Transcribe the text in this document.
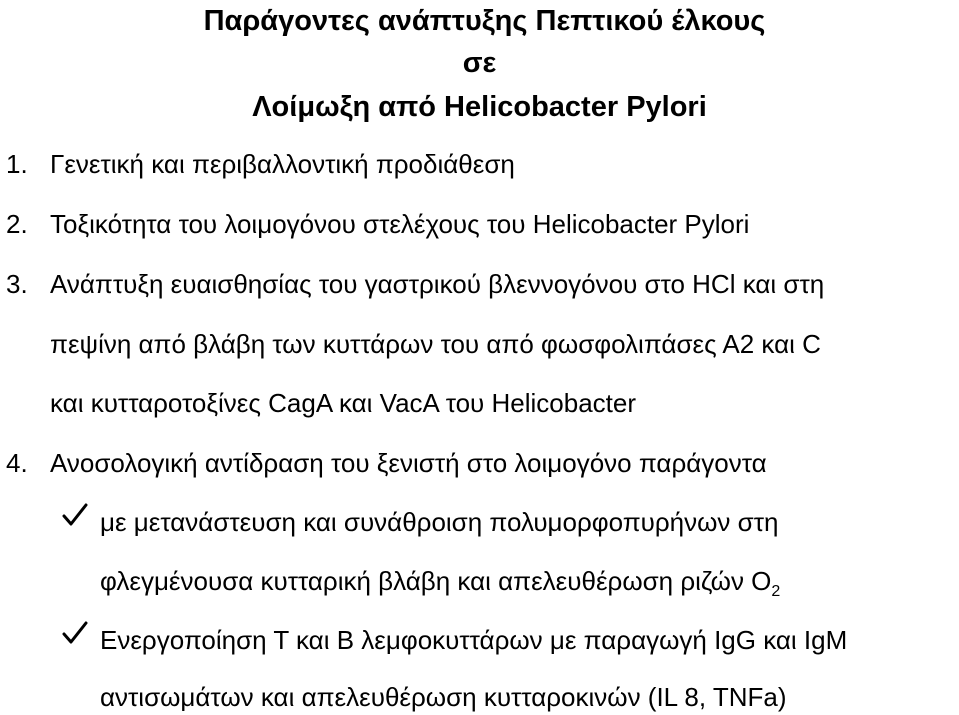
Παράγοντες ανάπτυξης Πεπτικού έλκους
σε
Λοίμωξη από Helicobacter Pylori
1. Γενετική και περιβαλλοντική προδιάθεση
2. Τοξικότητα του λοιμογόνου στελέχους του Helicobacter Pylori
3. Ανάπτυξη ευαισθησίας του γαστρικού βλεννογόνου στο HCl και στη
πεψίνη από βλάβη των κυττάρων του από φωσφολιπάσες Α2 και C
και κυτταροτοξίνες CagA και VacA του Helicobacter
4. Ανοσολογική αντίδραση του ξενιστή στο λοιμογόνο παράγοντα
με μετανάστευση και συνάθροιση πολυμορφοπυρήνων στη
φλεγμένουσα κυτταρική βλάβη και απελευθέρωση ριζών $O_2$
Ενεργοποίηση Τ και Β λεμφοκυττάρων με παραγωγή IgG και IgM
αντισωμάτων και απελευθέρωση κυτταροκινών (IL 8, TNFa)
